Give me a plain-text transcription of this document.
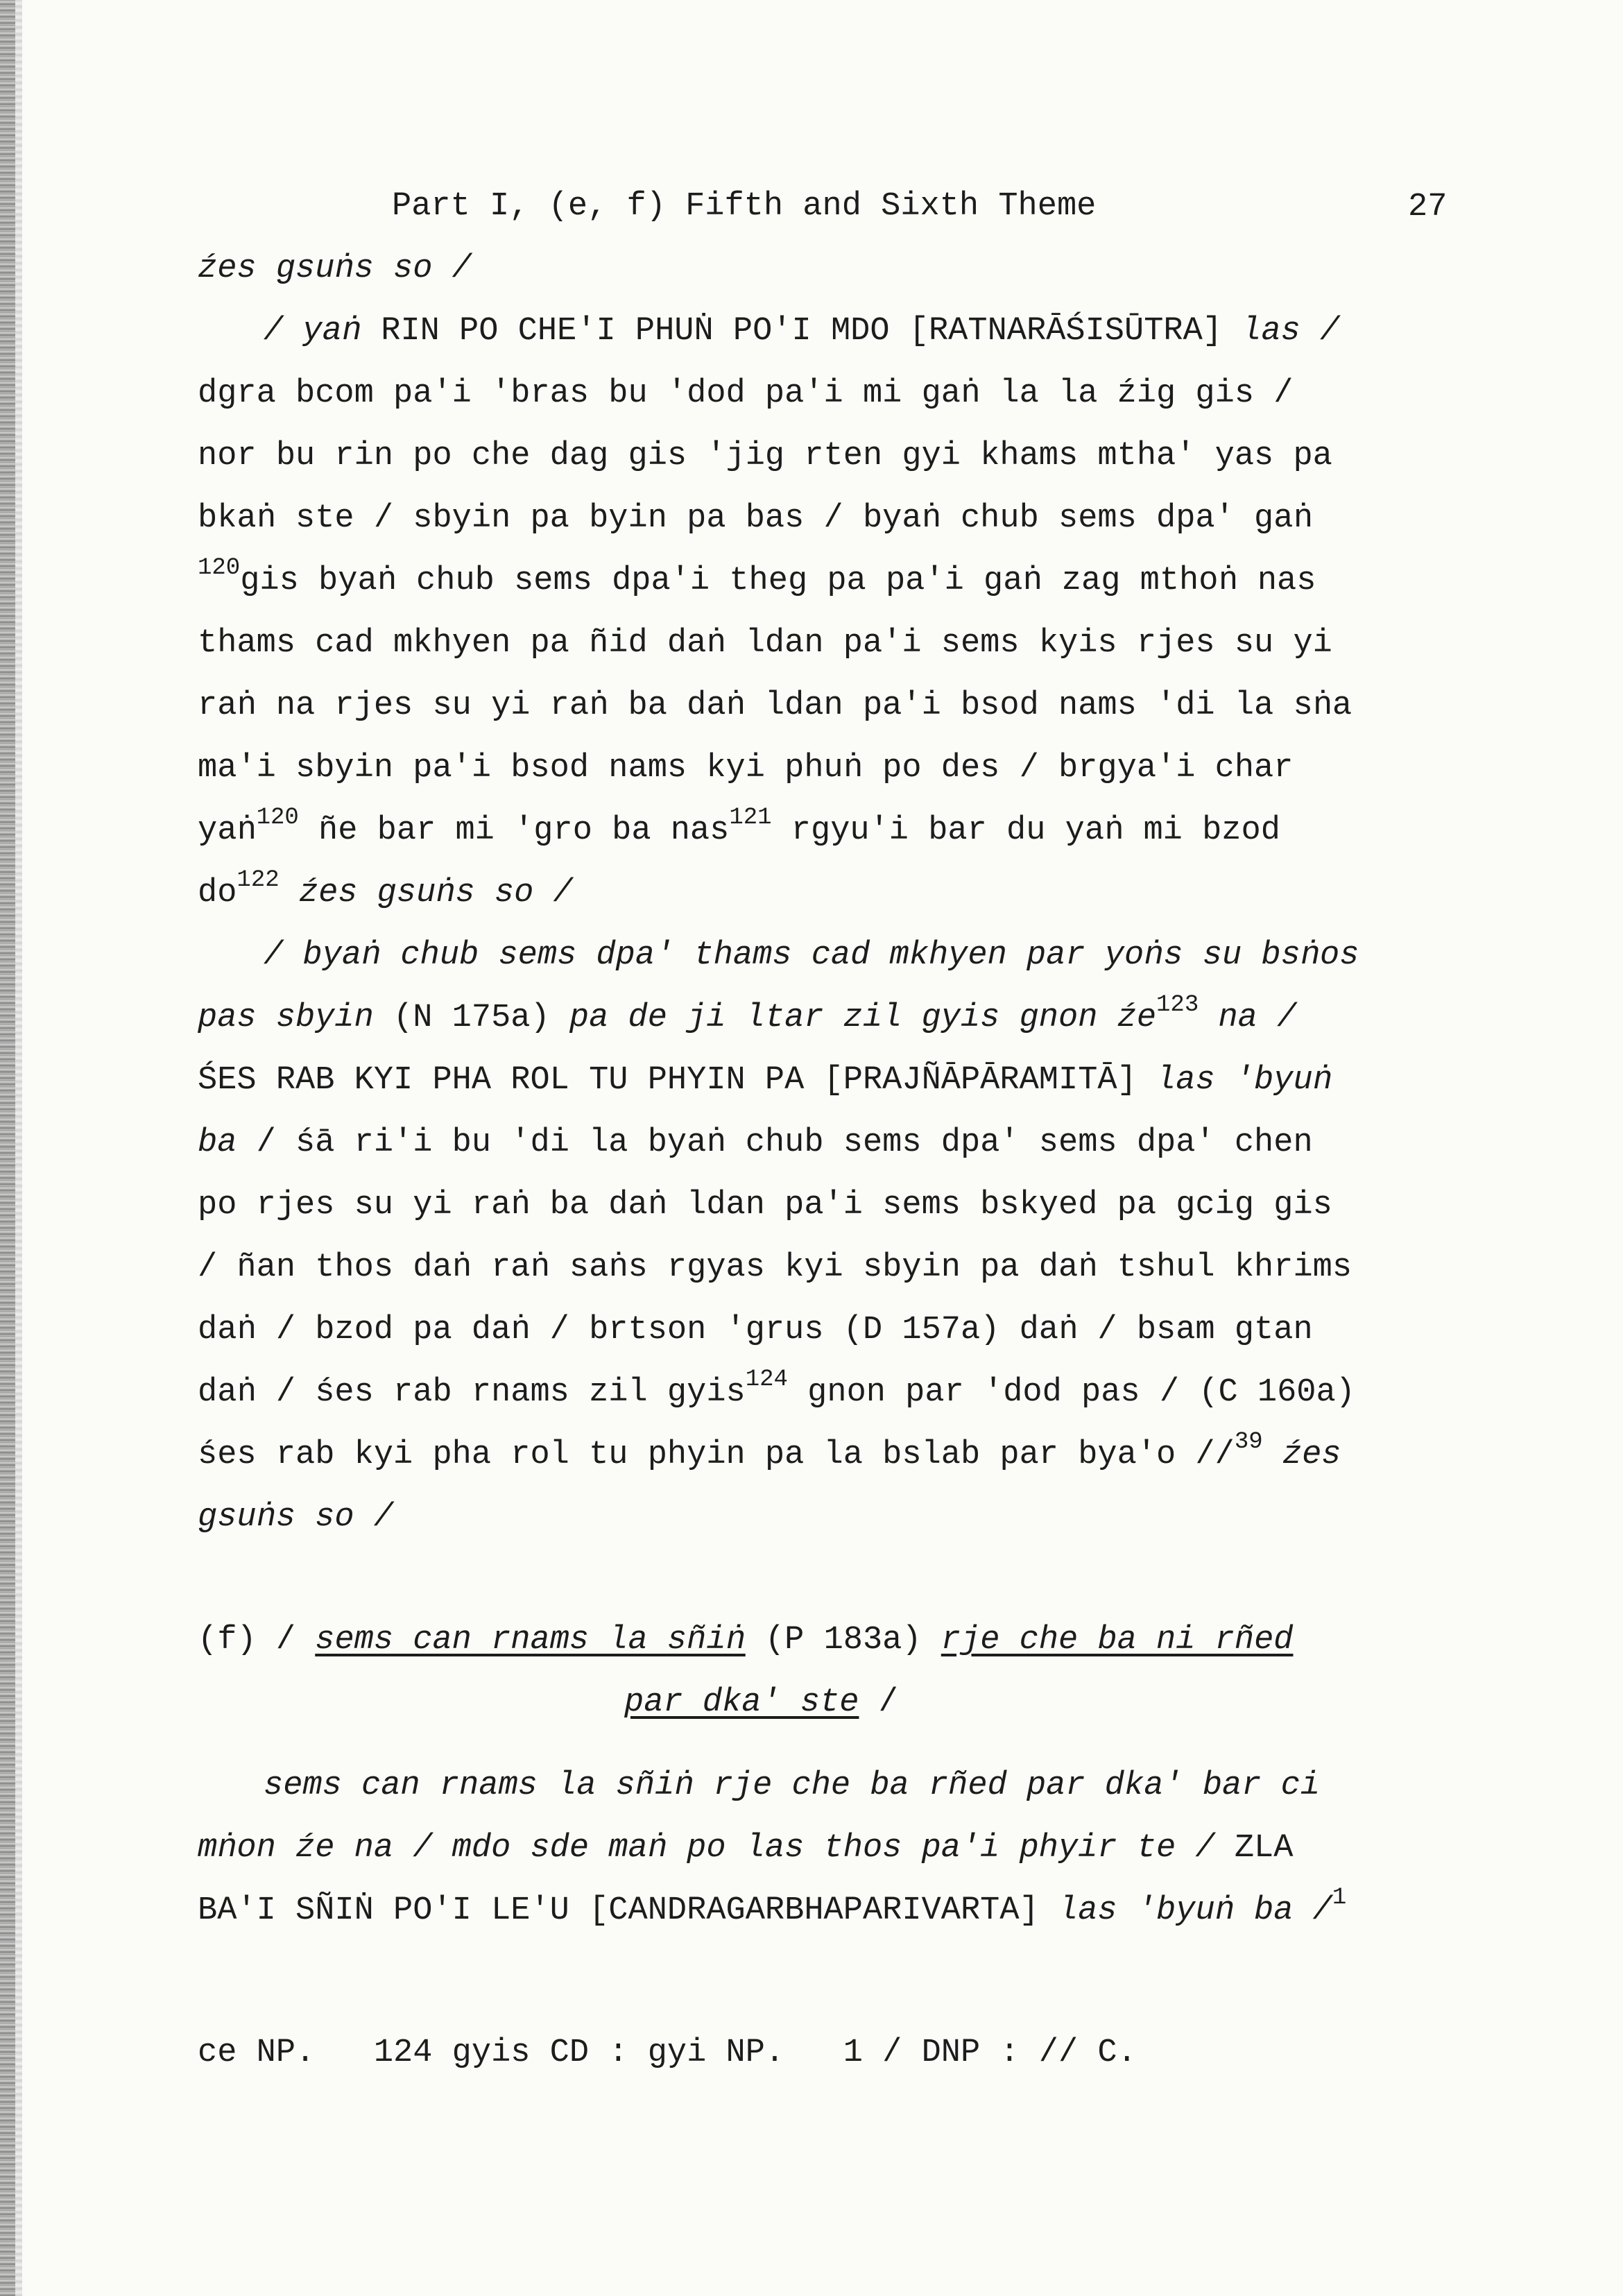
Part I, (e, f) Fifth and Sixth Theme	27
źes gsuṅs so /
/ yaṅ RIN PO CHE'I PHUṄ PO'I MDO [RATNARĀŚISŪTRA] las /
dgra bcom pa'i 'bras bu 'dod pa'i mi gaṅ la la źig gis /
nor bu rin po che dag gis 'jig rten gyi khams mtha' yas pa
bkaṅ ste / sbyin pa byin pa bas / byaṅ chub sems dpa' gaṅ
$^{120}$gis byaṅ chub sems dpa'i theg pa pa'i gaṅ zag mthoṅ nas
thams cad mkhyen pa ñid daṅ ldan pa'i sems kyis rjes su yi
raṅ na rjes su yi raṅ ba daṅ ldan pa'i bsod nams 'di la sṅa
ma'i sbyin pa'i bsod nams kyi phuṅ po des / brgya'i char
yaṅ$^{120}$ ñe bar mi 'gro ba nas$^{121}$ rgyu'i bar du yaṅ mi bzod
$do^{122}$ źes gsuṅs so /
/ byaṅ chub sems dpa' thams cad mkhyen par yoṅs su bsṅos
pas sbyin (N 175a) pa de ji ltar zil gyis gnon $źe^{123}$ na /
ŚES RAB KYI PHA ROL TU PHYIN PA [PRAJÑĀPĀRAMITĀ] las 'byuṅ
ba / śā ri'i bu 'di la byaṅ chub sems dpa' sems dpa' chen
po rjes su yi raṅ ba daṅ ldan pa'i sems bskyed pa gcig gis
/ ñan thos daṅ raṅ saṅs rgyas kyi sbyin pa daṅ tshul khrims
daṅ / bzod pa daṅ / brtson 'grus (D 157a) daṅ / bsam gtan
daṅ / śes rab rnams zil gyis$^{124}$ gnon par 'dod pas / (C 160a)
śes rab kyi pha rol tu phyin pa la bslab par bya'o //$^{39}$ źes
gsuṅs so /
(f) / sems can rnams la sñiṅ (P 183a) rje che ba ni rñed
par dka' ste /
sems can rnams la sñiṅ rje che ba rñed par dka' bar ci
mṅon źe na / mdo sde maṅ po las thos pa'i phyir te / ZLA
BA'I SÑIṄ PO'I LE'U [CANDRAGARBHAPARIVARTA] las 'byuṅ ba /$^1$
ce NP.   124 gyis CD : gyi NP.   1 / DNP : // C.
